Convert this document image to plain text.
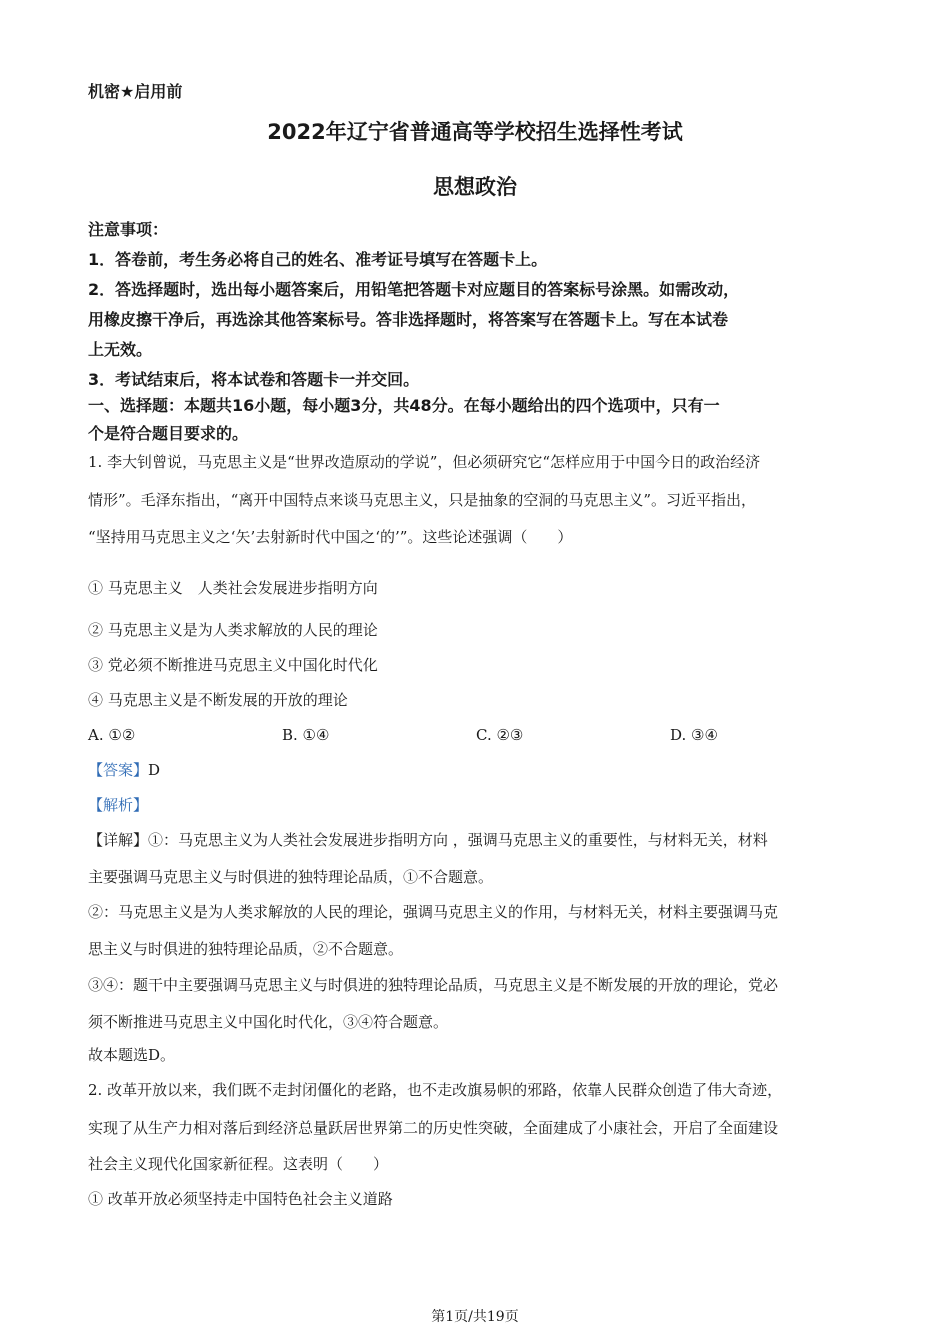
机密★启用前
2022年辽宁省普通高等学校招生选择性考试
思想政治
注意事项：
1．答卷前，考生务必将自己的姓名、准考证号填写在答题卡上。
2．答选择题时，选出每小题答案后，用铅笔把答题卡对应题目的答案标号涂黑。如需改动，
用橡皮擦干净后，再选涂其他答案标号。答非选择题时，将答案写在答题卡上。写在本试卷
上无效。
3．考试结束后，将本试卷和答题卡一并交回。
一、选择题：本题共16小题，每小题3分，共48分。在每小题给出的四个选项中，只有一
个是符合题目要求的。
1. 李大钊曾说，马克思主义是“世界改造原动的学说”，但必须研究它“怎样应用于中国今日的政治经济
情形”。毛泽东指出，“离开中国特点来谈马克思主义，只是抽象的空洞的马克思主义”。习近平指出，
“坚持用马克思主义之‘矢’去射新时代中国之‘的’”。这些论述强调（　　）
① 马克思主义　人类社会发展进步指明方向
② 马克思主义是为人类求解放的人民的理论
③ 党必须不断推进马克思主义中国化时代化
④ 马克思主义是不断发展的开放的理论
A. ①②	B. ①④	C. ②③	D. ③④
【答案】D
【解析】
【详解】①：马克思主义为人类社会发展进步指明方向 ，强调马克思主义的重要性，与材料无关，材料
主要强调马克思主义与时俱进的独特理论品质，①不合题意。
②：马克思主义是为人类求解放的人民的理论，强调马克思主义的作用，与材料无关，材料主要强调马克
思主义与时俱进的独特理论品质，②不合题意。
③④：题干中主要强调马克思主义与时俱进的独特理论品质，马克思主义是不断发展的开放的理论，党必
须不断推进马克思主义中国化时代化，③④符合题意。
故本题选D。
2. 改革开放以来，我们既不走封闭僵化的老路，也不走改旗易帜的邪路，依靠人民群众创造了伟大奇迹，
实现了从生产力相对落后到经济总量跃居世界第二的历史性突破，全面建成了小康社会，开启了全面建设
社会主义现代化国家新征程。这表明（　　）
① 改革开放必须坚持走中国特色社会主义道路
第1页/共19页
